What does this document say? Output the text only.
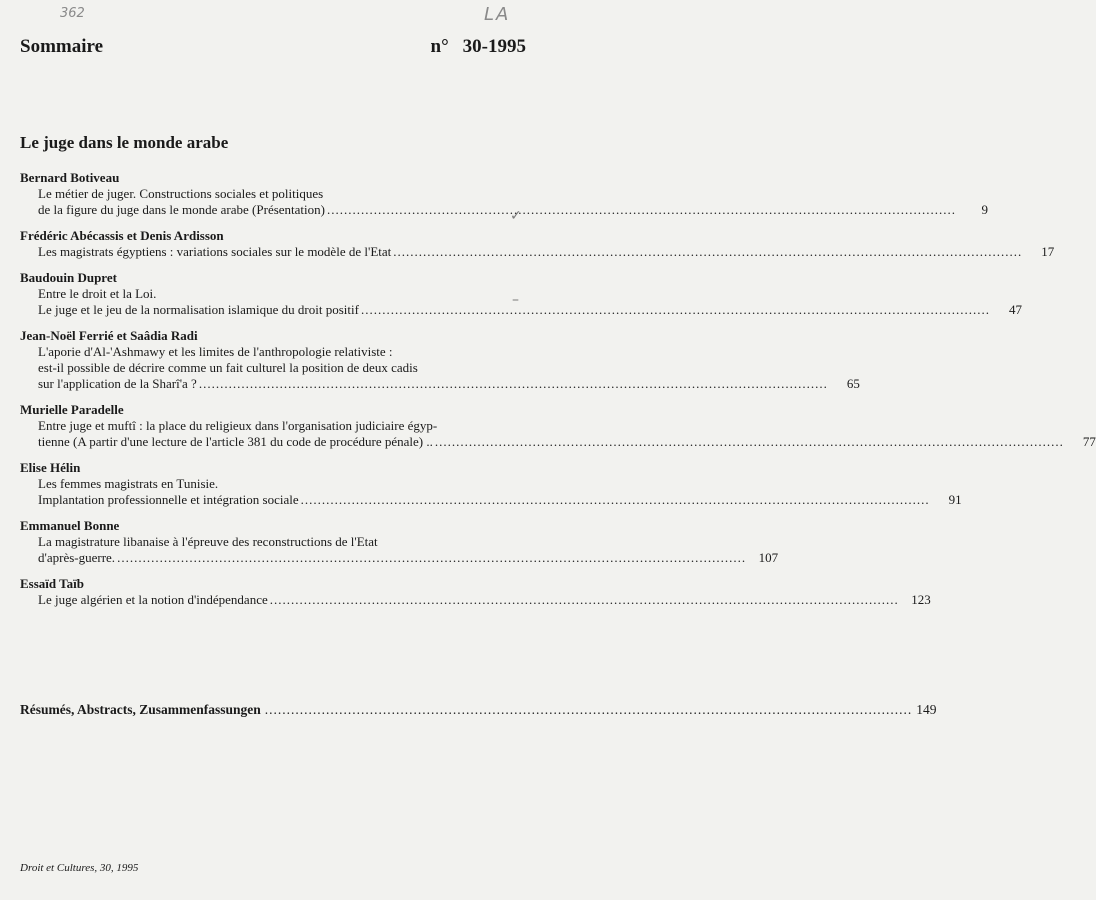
362	LA
Sommaire	n° 30-1995
Le juge dans le monde arabe
Bernard Botiveau
Le métier de juger. Constructions sociales et politiques
de la figure du juge dans le monde arabe (Présentation) .....	9
Frédéric Abécassis et Denis Ardisson
Les magistrats égyptiens : variations sociales sur le modèle de l'Etat .....	17
Baudouin Dupret
Entre le droit et la Loi.
Le juge et le jeu de la normalisation islamique du droit positif .....	47
Jean-Noël Ferrié et Saâdia Radi
L'aporie d'Al-'Ashmawy et les limites de l'anthropologie relativiste :
est-il possible de décrire comme un fait culturel la position de deux cadis
sur l'application de la Sharî'a ? .....	65
Murielle Paradelle
Entre juge et muftî : la place du religieux dans l'organisation judiciaire égyp-
tienne (A partir d'une lecture de l'article 381 du code de procédure pénale) .. .....	77
Elise Hélin
Les femmes magistrats en Tunisie.
Implantation professionnelle et intégration sociale .....	91
Emmanuel Bonne
La magistrature libanaise à l'épreuve des reconstructions de l'Etat
d'après-guerre. .....	107
Essaïd Taïb
Le juge algérien et la notion d'indépendance .....	123
✓
–
Résumés, Abstracts, Zusammenfassungen .....	149
Droit et Cultures, 30, 1995
